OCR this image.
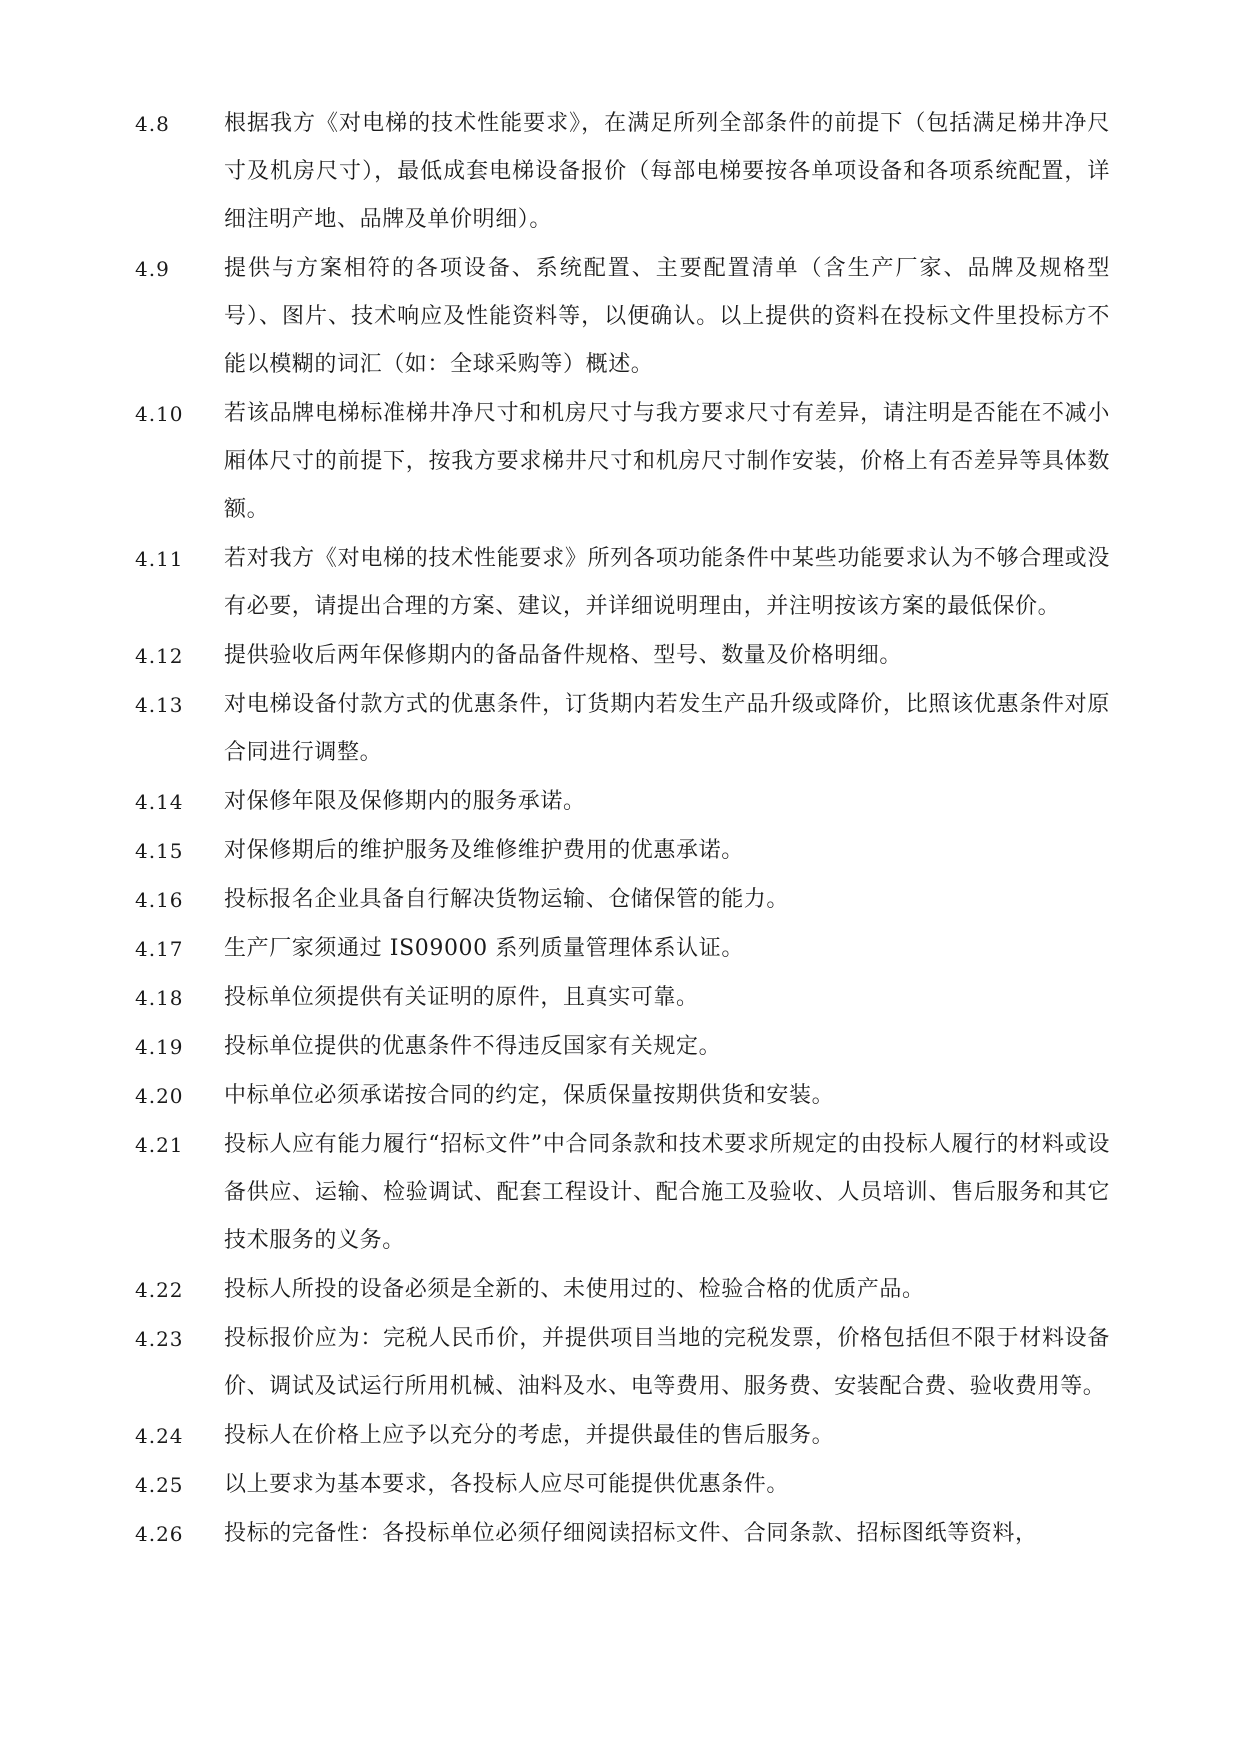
4.8	根据我方《对电梯的技术性能要求》，在满足所列全部条件的前提下（包括满足梯井净尺寸及机房尺寸），最低成套电梯设备报价（每部电梯要按各单项设备和各项系统配置，详细注明产地、品牌及单价明细）。
4.9	提供与方案相符的各项设备、系统配置、主要配置清单（含生产厂家、品牌及规格型号）、图片、技术响应及性能资料等，以便确认。以上提供的资料在投标文件里投标方不能以模糊的词汇（如：全球采购等）概述。
4.10	若该品牌电梯标准梯井净尺寸和机房尺寸与我方要求尺寸有差异，请注明是否能在不减小厢体尺寸的前提下，按我方要求梯井尺寸和机房尺寸制作安装，价格上有否差异等具体数额。
4.11	若对我方《对电梯的技术性能要求》所列各项功能条件中某些功能要求认为不够合理或没有必要，请提出合理的方案、建议，并详细说明理由，并注明按该方案的最低保价。
4.12	提供验收后两年保修期内的备品备件规格、型号、数量及价格明细。
4.13	对电梯设备付款方式的优惠条件，订货期内若发生产品升级或降价，比照该优惠条件对原合同进行调整。
4.14	对保修年限及保修期内的服务承诺。
4.15	对保修期后的维护服务及维修维护费用的优惠承诺。
4.16	投标报名企业具备自行解决货物运输、仓储保管的能力。
4.17	生产厂家须通过 IS09000 系列质量管理体系认证。
4.18	投标单位须提供有关证明的原件，且真实可靠。
4.19	投标单位提供的优惠条件不得违反国家有关规定。
4.20	中标单位必须承诺按合同的约定，保质保量按期供货和安装。
4.21	投标人应有能力履行“招标文件”中合同条款和技术要求所规定的由投标人履行的材料或设备供应、运输、检验调试、配套工程设计、配合施工及验收、人员培训、售后服务和其它技术服务的义务。
4.22	投标人所投的设备必须是全新的、未使用过的、检验合格的优质产品。
4.23	投标报价应为：完税人民币价，并提供项目当地的完税发票，价格包括但不限于材料设备价、调试及试运行所用机械、油料及水、电等费用、服务费、安装配合费、验收费用等。
4.24	投标人在价格上应予以充分的考虑，并提供最佳的售后服务。
4.25	以上要求为基本要求，各投标人应尽可能提供优惠条件。
4.26	投标的完备性：各投标单位必须仔细阅读招标文件、合同条款、招标图纸等资料，
